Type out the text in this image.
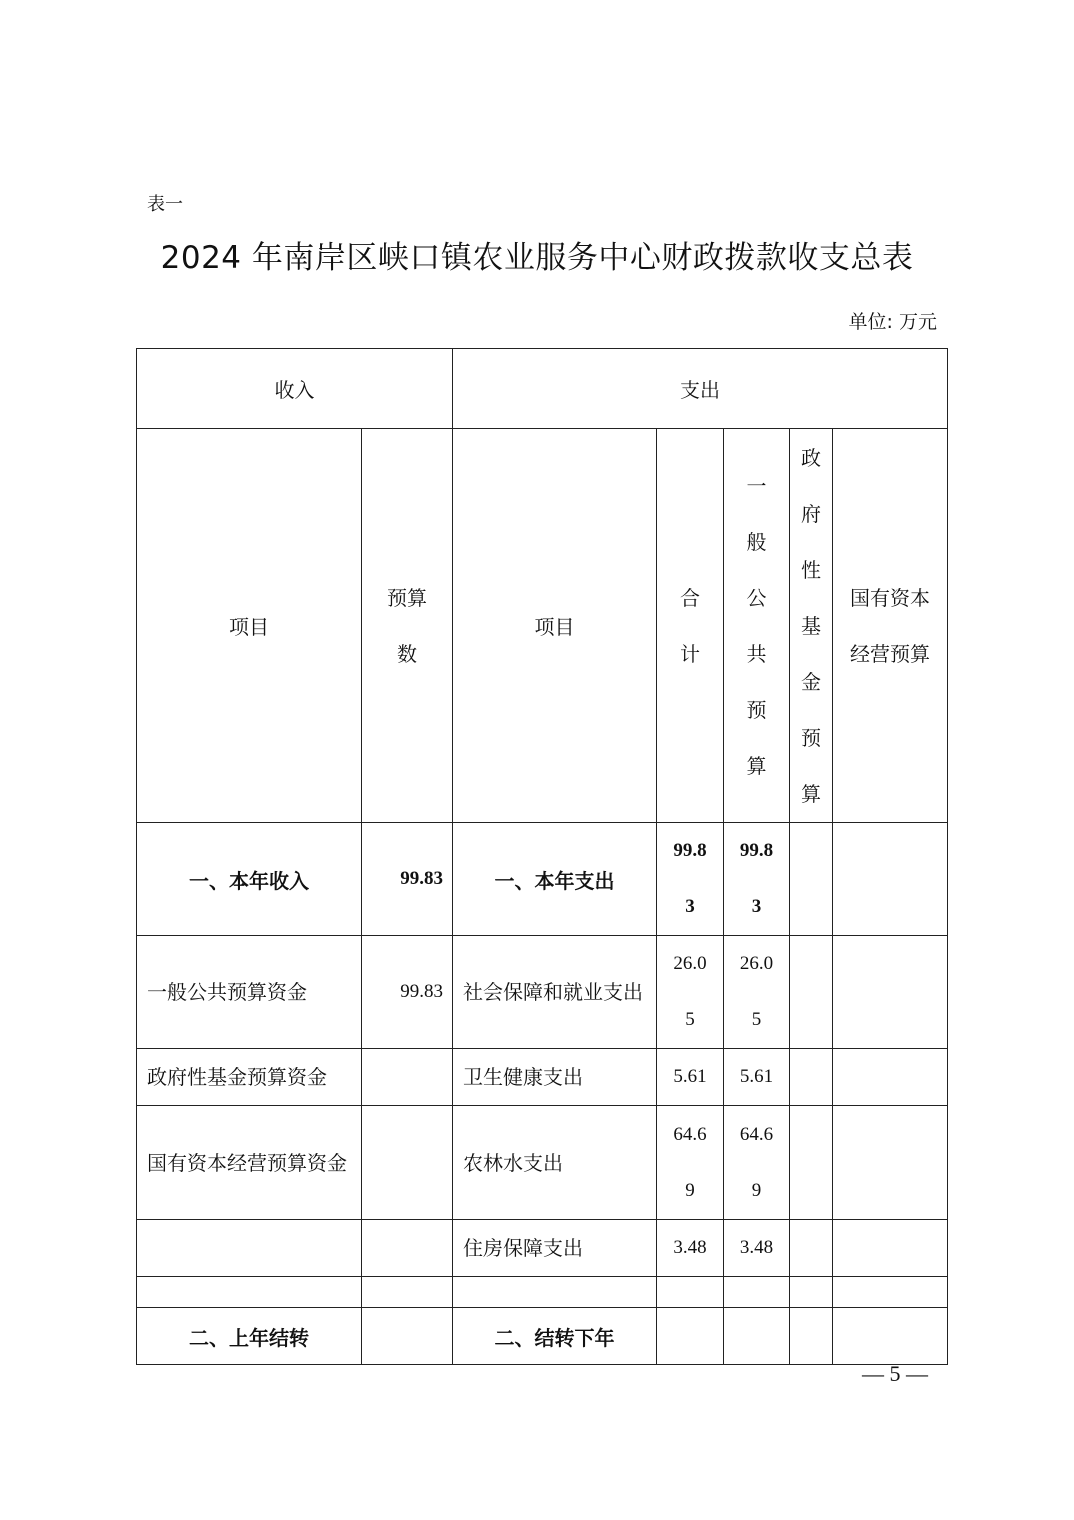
表一
2024 年南岸区峡口镇农业服务中心财政拨款收支总表
单位: 万元
收入		支出				
项目	预算数	项目	合计	一般公共预算	政府性基金预算	国有资本经营预算

一、本年收入	99.83	一、本年支出	99.83	99.83		

一般公共预算资金	99.83	社会保障和就业支出	26.05	26.05		

政府性基金预算资金		卫生健康支出	5.61	5.61		
国有资本经营预算资金		农林水支出	64.69	64.69		

		住房保障支出	3.48	3.48		

二、上年结转		二、结转下年				
— 5 —
